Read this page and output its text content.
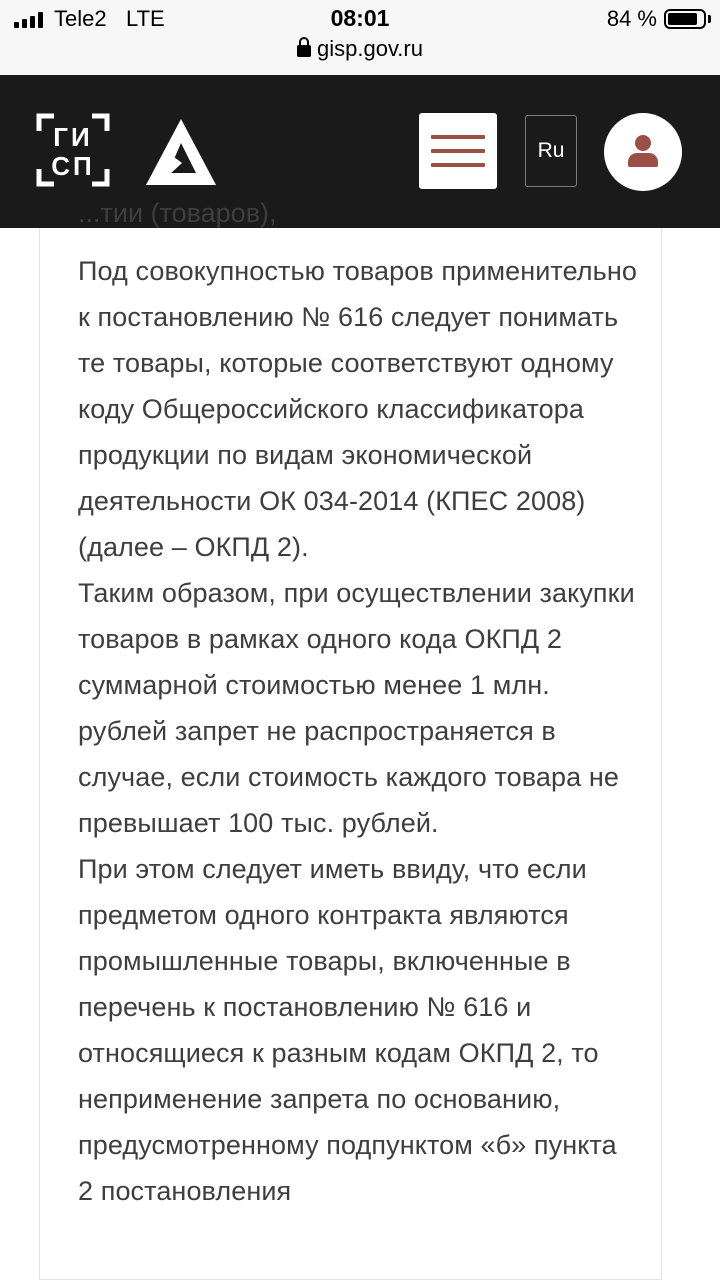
Tele2 LTE	08:01	84 %
gisp.gov.ru
ГИ
СП
Ru
...тии (товаров),

Под совокупностью товаров применительно к постановлению № 616 следует понимать те товары, которые соответствуют одному коду Общероссийского классификатора продукции по видам экономической деятельности ОК 034-2014 (КПЕС 2008) (далее – ОКПД 2).

Таким образом, при осуществлении закупки товаров в рамках одного кода ОКПД 2 суммарной стоимостью менее 1 млн. рублей запрет не распространяется в случае, если стоимость каждого товара не превышает 100 тыс. рублей.

При этом следует иметь ввиду, что если предметом одного контракта являются промышленные товары, включенные в перечень к постановлению № 616 и относящиеся к разным кодам ОКПД 2, то неприменение запрета по основанию, предусмотренному подпунктом «б» пункта 2 постановления
